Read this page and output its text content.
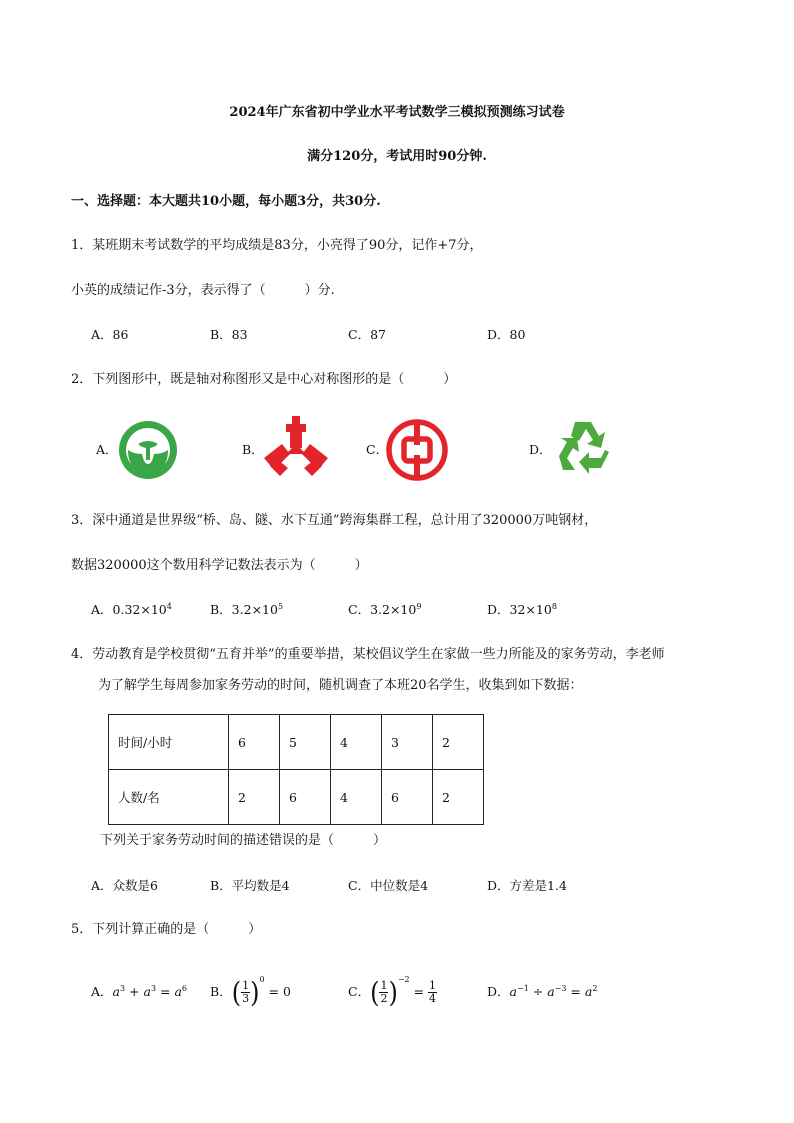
2024年广东省初中学业水平考试数学三模拟预测练习试卷
满分120分，考试用时90分钟.
一、选择题：本大题共10小题，每小题3分，共30分.
1．某班期末考试数学的平均成绩是83分，小亮得了90分，记作+7分，
小英的成绩记作-3分，表示得了（　　　）分.
A．86	B．83	C．87	D．80
2．下列图形中，既是轴对称图形又是中心对称图形的是（　　　）
A．	B．	C．	D．
3．深中通道是世界级“桥、岛、隧、水下互通”跨海集群工程，总计用了320000万吨钢材，
数据320000这个数用科学记数法表示为（　　　）
A．$0.32\times 10^4$	B．$3.2\times 10^5$	C．$3.2\times 10^9$	D．$32\times 10^8$
4．劳动教育是学校贯彻“五育并举”的重要举措，某校倡议学生在家做一些力所能及的家务劳动，李老师
为了解学生每周参加家务劳动的时间，随机调查了本班20名学生，收集到如下数据：
时间/小时	6	5	4	3	2
人数/名	2	6	4	6	2
下列关于家务劳动时间的描述错误的是（　　　）
A．众数是6	B．平均数是4	C．中位数是4	D．方差是1.4
5．下列计算正确的是（　　　）
A．$a^3 + a^3 = a^6$ B．( $\frac{1}{3} )^0 = 0$	C．( $\frac{1}{2} )^{-2} = \frac{1}{4}$	D．$a^{-1} \div a^{-3} = a^2$
